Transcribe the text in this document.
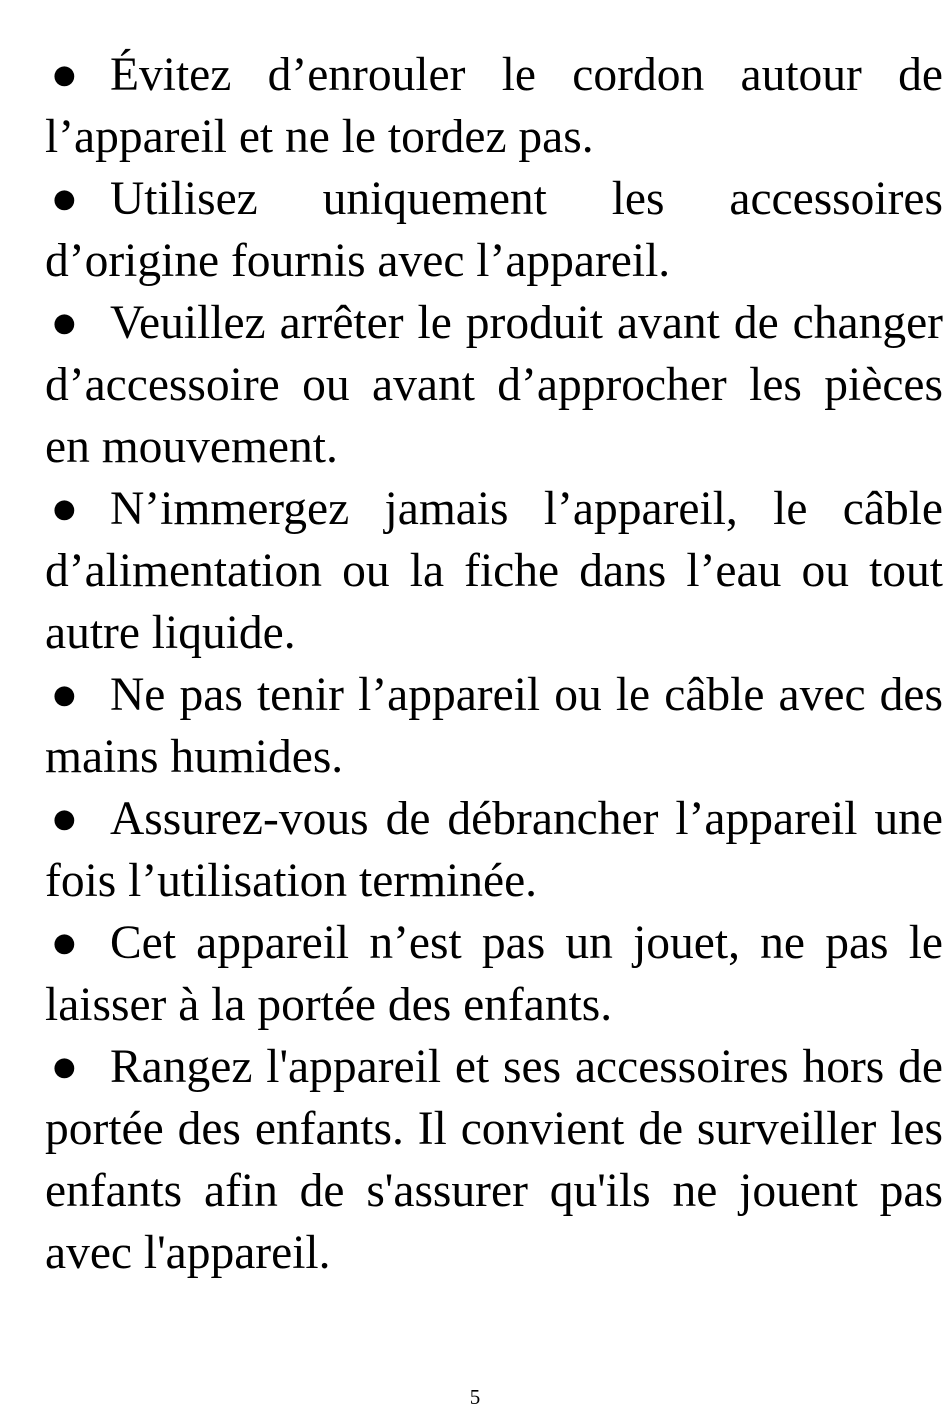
● Évitez d’enrouler le cordon autour de l’appareil et ne le tordez pas.

● Utilisez uniquement les accessoires d’origine fournis avec l’appareil.

● Veuillez arrêter le produit avant de changer d’accessoire ou avant d’approcher les pièces en mouvement.

● N’immergez jamais l’appareil, le câble d’alimentation ou la fiche dans l’eau ou tout autre liquide.

● Ne pas tenir l’appareil ou le câble avec des mains humides.

● Assurez-vous de débrancher l’appareil une fois l’utilisation terminée.

● Cet appareil n’est pas un jouet, ne pas le laisser à la portée des enfants.

● Rangez l'appareil et ses accessoires hors de portée des enfants. Il convient de surveiller les enfants afin de s'assurer qu'ils ne jouent pas avec l'appareil.

5
